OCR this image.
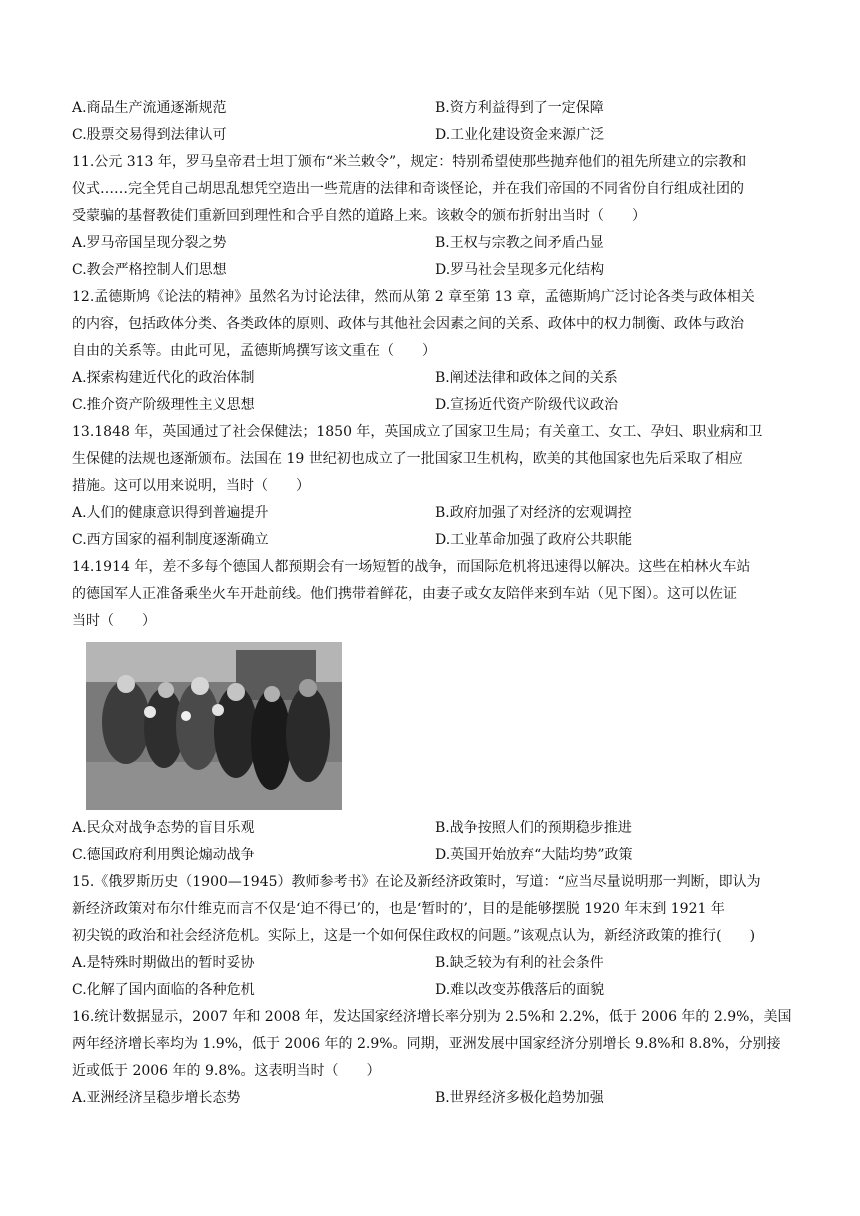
A.商品生产流通逐渐规范	B.资方利益得到了一定保障
C.股票交易得到法律认可	D.工业化建设资金来源广泛
11.公元 313 年，罗马皇帝君士坦丁颁布“米兰敕令”，规定：特别希望使那些抛弃他们的祖先所建立的宗教和
仪式……完全凭自己胡思乱想凭空造出一些荒唐的法律和奇谈怪论，并在我们帝国的不同省份自行组成社团的
受蒙骗的基督教徒们重新回到理性和合乎自然的道路上来。该敕令的颁布折射出当时（　　）
A.罗马帝国呈现分裂之势	B.王权与宗教之间矛盾凸显
C.教会严格控制人们思想	D.罗马社会呈现多元化结构
12.孟德斯鸠《论法的精神》虽然名为讨论法律，然而从第 2 章至第 13 章，孟德斯鸠广泛讨论各类与政体相关
的内容，包括政体分类、各类政体的原则、政体与其他社会因素之间的关系、政体中的权力制衡、政体与政治
自由的关系等。由此可见，孟德斯鸠撰写该文重在（　　）
A.探索构建近代化的政治体制	B.阐述法律和政体之间的关系
C.推介资产阶级理性主义思想	D.宣扬近代资产阶级代议政治
13.1848 年，英国通过了社会保健法；1850 年，英国成立了国家卫生局；有关童工、女工、孕妇、职业病和卫
生保健的法规也逐渐颁布。法国在 19 世纪初也成立了一批国家卫生机构，欧美的其他国家也先后采取了相应
措施。这可以用来说明，当时（　　）
A.人们的健康意识得到普遍提升	B.政府加强了对经济的宏观调控
C.西方国家的福利制度逐渐确立	D.工业革命加强了政府公共职能
14.1914 年，差不多每个德国人都预期会有一场短暂的战争，而国际危机将迅速得以解决。这些在柏林火车站
的德国军人正准备乘坐火车开赴前线。他们携带着鲜花，由妻子或女友陪伴来到车站（见下图）。这可以佐证
当时（　　）
A.民众对战争态势的盲目乐观	B.战争按照人们的预期稳步推进
C.德国政府利用舆论煽动战争	D.英国开始放弃“大陆均势”政策
15.《俄罗斯历史（1900—1945）教师参考书》在论及新经济政策时，写道：“应当尽量说明那一判断，即认为
新经济政策对布尔什维克而言不仅是‘迫不得已’的，也是‘暂时的’，目的是能够摆脱 1920 年末到 1921 年
初尖锐的政治和社会经济危机。实际上，这是一个如何保住政权的问题。”该观点认为，新经济政策的推行(　　)
A.是特殊时期做出的暂时妥协	B.缺乏较为有利的社会条件
C.化解了国内面临的各种危机	D.难以改变苏俄落后的面貌
16.统计数据显示，2007 年和 2008 年，发达国家经济增长率分别为 2.5%和 2.2%，低于 2006 年的 2.9%，美国
两年经济增长率均为 1.9%，低于 2006 年的 2.9%。同期，亚洲发展中国家经济分别增长 9.8%和 8.8%，分别接
近或低于 2006 年的 9.8%。这表明当时（　　）
A.亚洲经济呈稳步增长态势	B.世界经济多极化趋势加强
